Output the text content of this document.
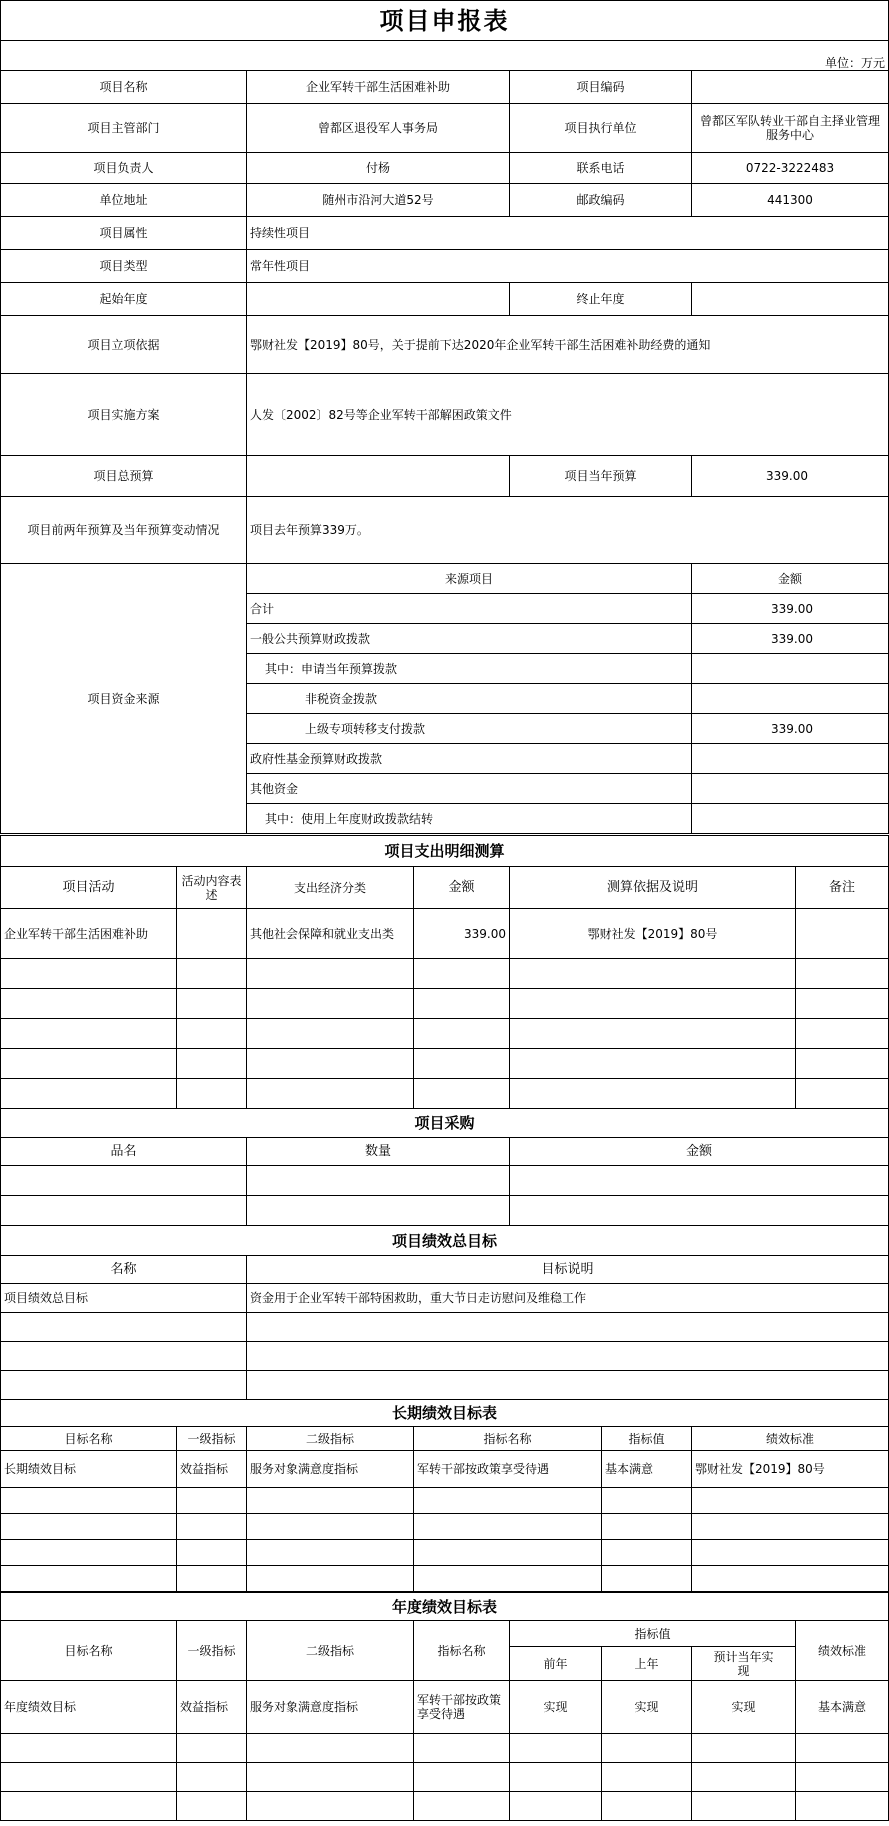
项目申报表			
单位：万元			
项目名称	企业军转干部生活困难补助	项目编码	
项目主管部门	曾都区退役军人事务局	项目执行单位	曾都区军队转业干部自主择业管理服务中心
项目负责人	付杨	联系电话	0722-3222483
单位地址	随州市沿河大道52号	邮政编码	441300
项目属性	持续性项目		
项目类型	常年性项目		
起始年度		终止年度	
项目立项依据	鄂财社发【2019】80号，关于提前下达2020年企业军转干部生活困难补助经费的通知		
项目实施方案	人发〔2002〕82号等企业军转干部解困政策文件		
项目总预算		项目当年预算	339.00
项目前两年预算及当年预算变动情况	项目去年预算339万。		
项目资金来源	来源项目		金额
	合计		339.00
	一般公共预算财政拨款		339.00
	其中：申请当年预算拨款		
	非税资金拨款		
	上级专项转移支付拨款		339.00
	政府性基金预算财政拨款		
	其他资金		
	其中：使用上年度财政拨款结转		
项目支出明细测算					
项目活动	活动内容表述	支出经济分类	金额	测算依据及说明	备注
企业军转干部生活困难补助		其他社会保障和就业支出类	339.00	鄂财社发【2019】80号	

项目采购		
品名	数量	金额

项目绩效总目标	
名称	目标说明
项目绩效总目标	资金用于企业军转干部特困救助，重大节日走访慰问及维稳工作

长期绩效目标表					
目标名称	一级指标	二级指标	指标名称	指标值	绩效标准
长期绩效目标	效益指标	服务对象满意度指标	军转干部按政策享受待遇	基本满意	鄂财社发【2019】80号

年度绩效目标表							
目标名称	一级指标	二级指标	指标名称	指标值			绩效标准
				前年	上年	预计当年实现	
年度绩效目标	效益指标	服务对象满意度指标	军转干部按政策享受待遇	实现	实现	实现	基本满意
